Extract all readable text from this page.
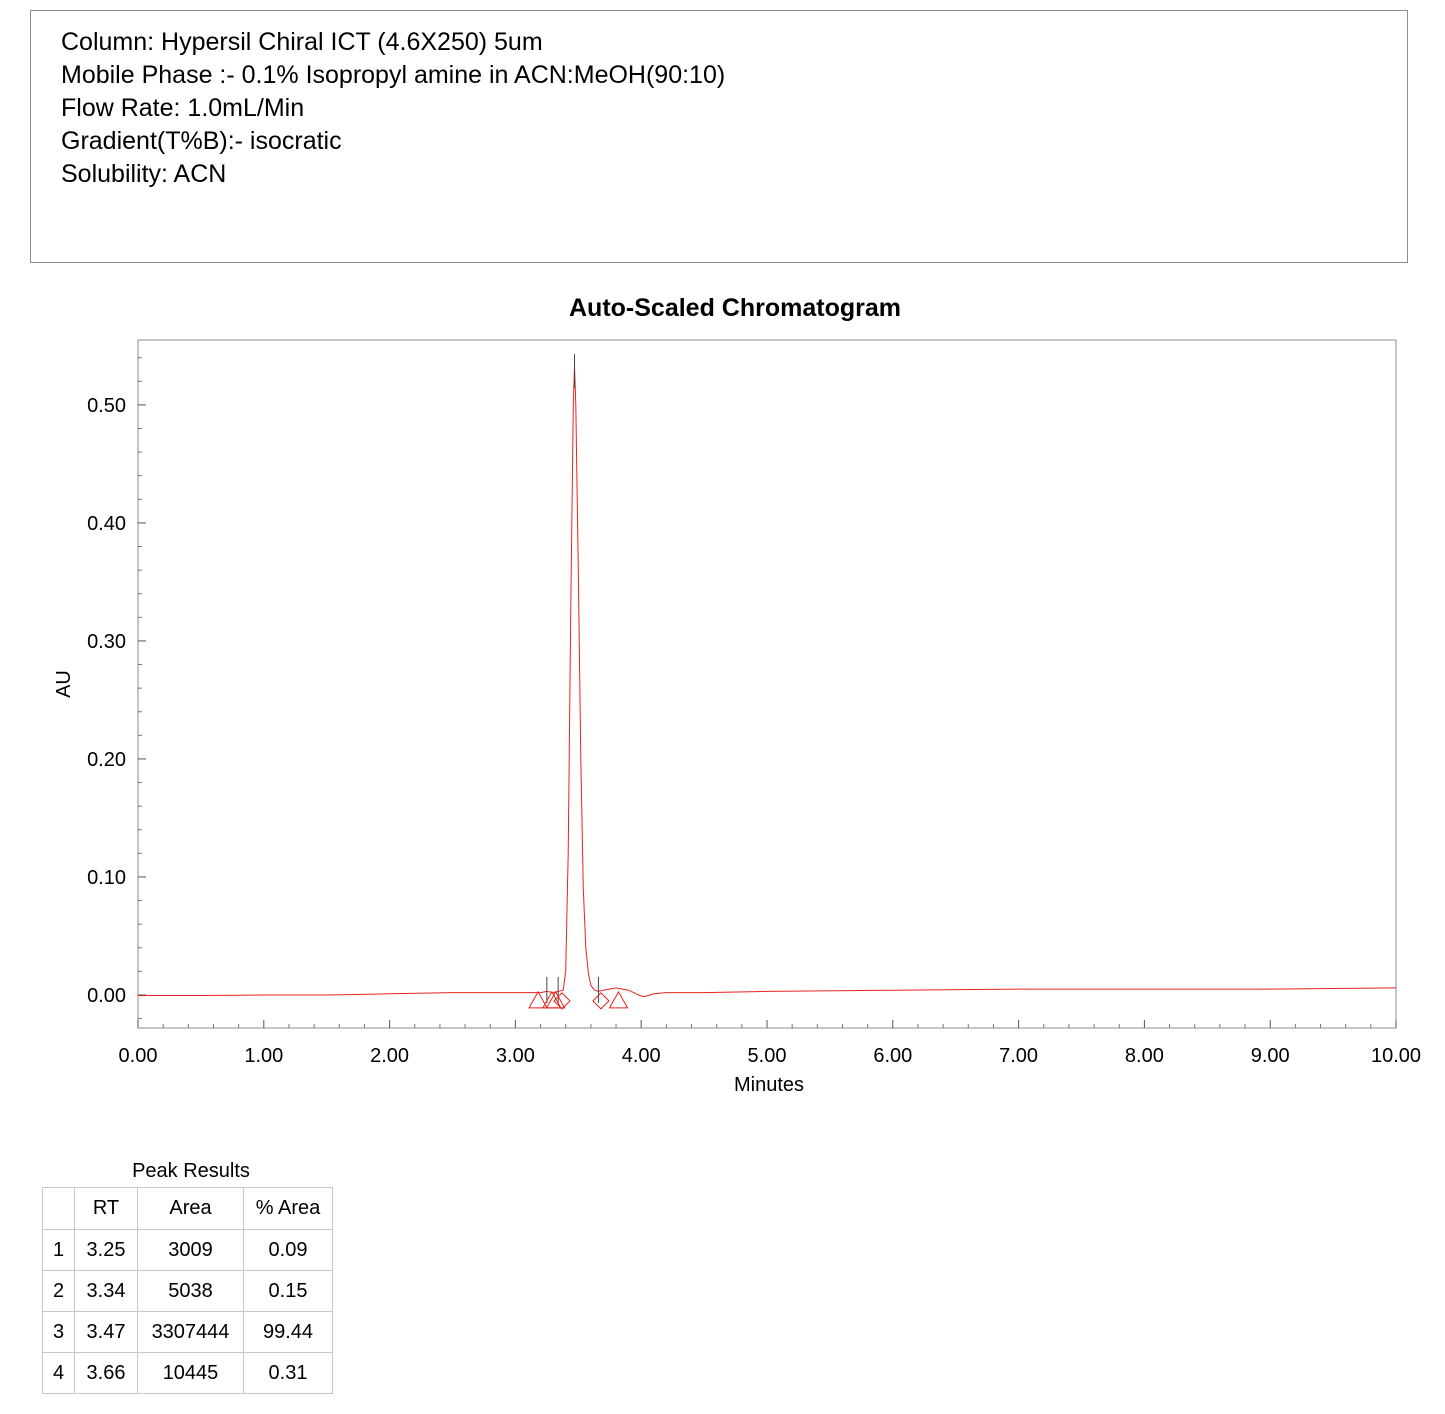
Column: Hypersil Chiral ICT (4.6X250) 5um
Mobile Phase :- 0.1% Isopropyl amine in ACN:MeOH(90:10)
Flow Rate: 1.0mL/Min
Gradient(T%B):- isocratic
Solubility: ACN
Auto-Scaled Chromatogram
0.00	1.00	2.00	3.00	4.00	5.00	6.00	7.00	8.00	9.00	10.00
0.00
0.10
0.20
0.30
0.40
0.50
Minutes
AU
Peak Results
	RT	Area	% Area
1	3.25	3009	0.09
2	3.34	5038	0.15
3	3.47	3307444	99.44
4	3.66	10445	0.31
